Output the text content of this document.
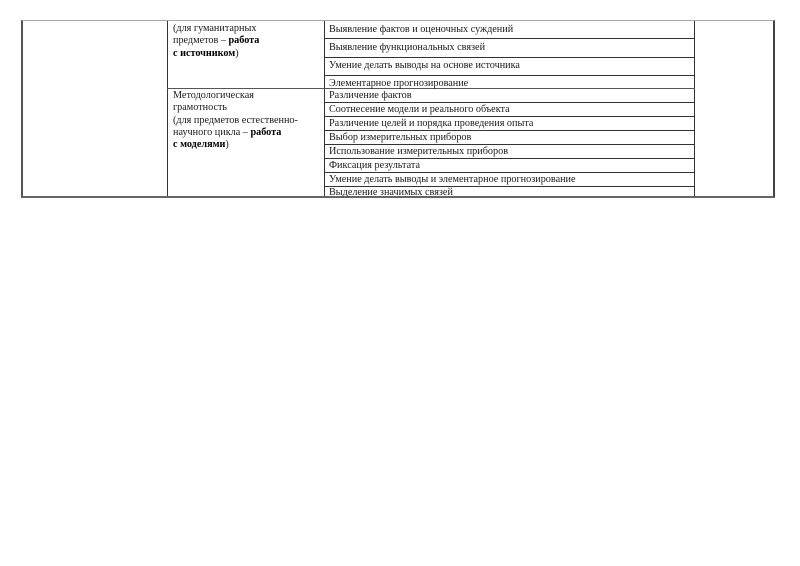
(для гуманитарных
предметов – работа
с источником)
Выявление фактов и оценочных суждений
Выявление функциональных связей
Умение делать выводы на основе источника
Элементарное прогнозирование
Методологическая
грамотность
(для предметов естественно-
научного цикла – работа
с моделями)
Различение фактов
Соотнесение модели и реального объекта
Различение целей и порядка проведения опыта
Выбор измерительных приборов
Использование измерительных приборов
Фиксация результата
Умение делать выводы и элементарное прогнозирование
Выделение значимых связей
